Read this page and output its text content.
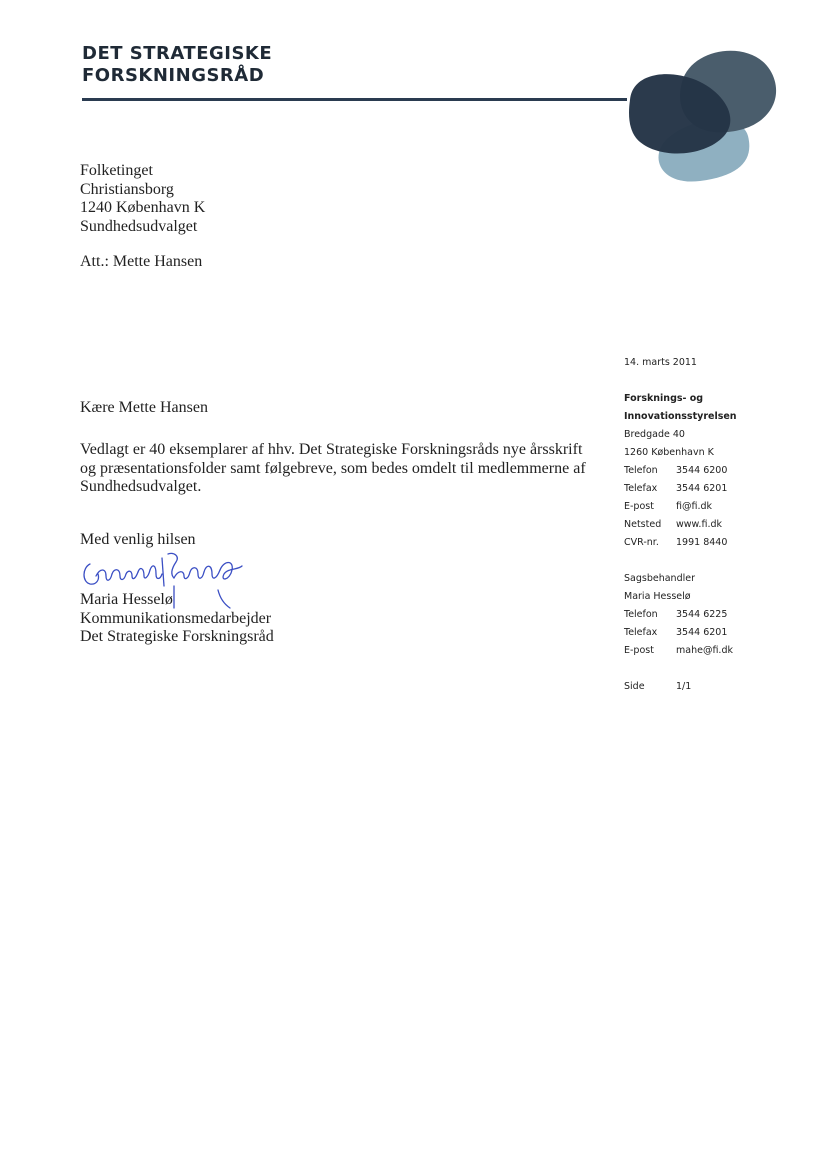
DET STRATEGISKE
FORSKNINGSRÅD
Folketinget
Christiansborg
1240 København K
Sundhedsudvalget
Att.: Mette Hansen
Kære Mette Hansen
Vedlagt er 40 eksemplarer af hhv. Det Strategiske Forskningsråds nye årsskrift
og præsentationsfolder samt følgebreve, som bedes omdelt til medlemmerne af
Sundhedsudvalget.
Med venlig hilsen
Maria Hesselø
Kommunikationsmedarbejder
Det Strategiske Forskningsråd
14. marts 2011
Forsknings- og
Innovationsstyrelsen
Bredgade 40
1260 København K
Telefon 3544 6200
Telefax 3544 6201
E-post fi@fi.dk
Netsted www.fi.dk
CVR-nr. 1991 8440
Sagsbehandler
Maria Hesselø
Telefon 3544 6225
Telefax 3544 6201
E-post mahe@fi.dk
Side	1/1
